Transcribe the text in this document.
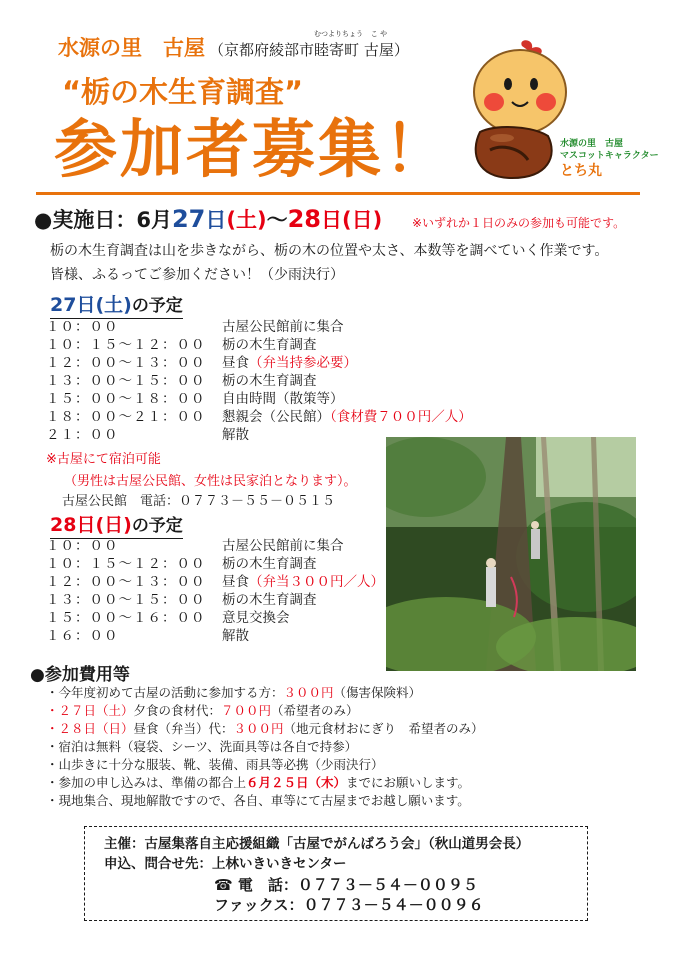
水源の里　古屋 （京都府綾部市
むつよりちょう
睦寄町
こ や
古屋）
“栃の木生育調査”
参加者募集！	水源の里　古屋
マスコットキャラクター
とち丸
●実施日：6月27日(土)～28日(日) ※いずれか１日のみの参加も可能です。
栃の木生育調査は山を歩きながら、栃の木の位置や太さ、本数等を調べていく作業です。
皆様、ふるってご参加ください！（少雨決行）
27日(土)の予定
１０：００	古屋公民館前に集合
１０：１５～１２：００ 栃の木生育調査
１２：００～１３：００ 昼食（弁当持参必要）
１３：００～１５：００ 栃の木生育調査
１５：００～１８：００ 自由時間（散策等）
１８：００～２１：００ 懇親会（公民館）（食材費７００円／人）
２１：００	解散
※古屋にて宿泊可能
（男性は古屋公民館、女性は民家泊となります）。
古屋公民館　電話：０７７３－５５－０５１５
28日(日)の予定
１０：００	古屋公民館前に集合
１０：１５～１２：００ 栃の木生育調査
１２：００～１３：００ 昼食（弁当３００円／人）
１３：００～１５：００ 栃の木生育調査
１５：００～１６：００ 意見交換会
１６：００	解散
●参加費用等
・今年度初めて古屋の活動に参加する方：３００円（傷害保険料）
・２７日（土）夕食の食材代：７００円（希望者のみ）
・２８日（日）昼食（弁当）代：３００円（地元食材おにぎり　希望者のみ）
・宿泊は無料（寝袋、シーツ、洗面具等は各自で持参）
・山歩きに十分な服装、靴、装備、雨具等必携（少雨決行）
・参加の申し込みは、準備の都合上６月２５日（木）までにお願いします。
・現地集合、現地解散ですので、各自、車等にて古屋までお越し願います。
主催：古屋集落自主応援組織「古屋でがんばろう会」（秋山道男会長）
申込、問合せ先：上林いきいきセンター
☎ 電　話：０７７３－５４－００９５
ファックス：０７７３－５４－００９６
